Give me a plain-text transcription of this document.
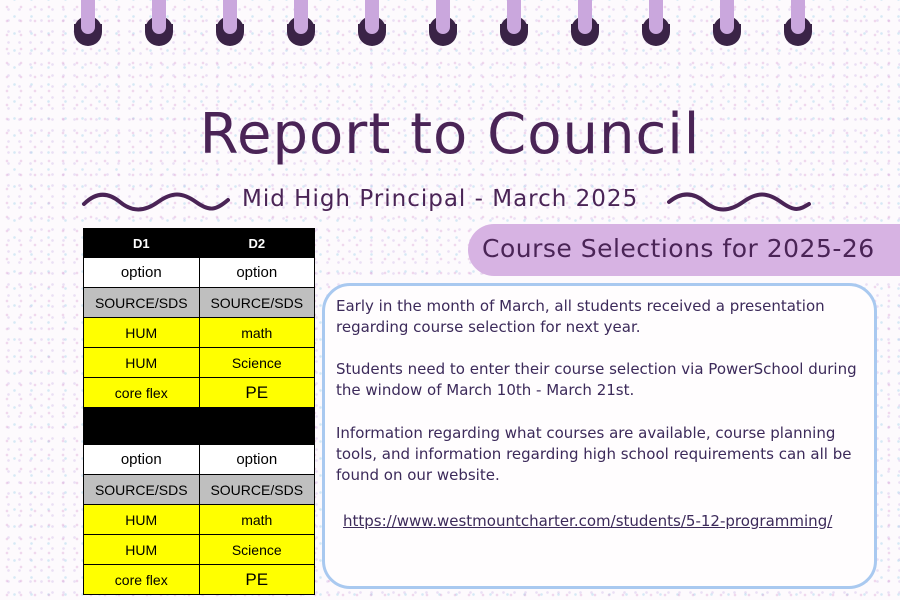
Report to Council
Mid High Principal - March 2025
D1	D2
option	option
SOURCE/SDS	SOURCE/SDS
HUM	math
HUM	Science
core flex	PE

option	option
SOURCE/SDS	SOURCE/SDS
HUM	math
HUM	Science
core flex	PE
Course Selections for 2025-26

Early in the month of March, all students received a presentation regarding course selection for next year.

Students need to enter their course selection via PowerSchool during the window of March 10th - March 21st.

Information regarding what courses are available, course planning tools, and information regarding high school requirements can all be found on our website.

https://www.westmountcharter.com/students/5-12-programming/
